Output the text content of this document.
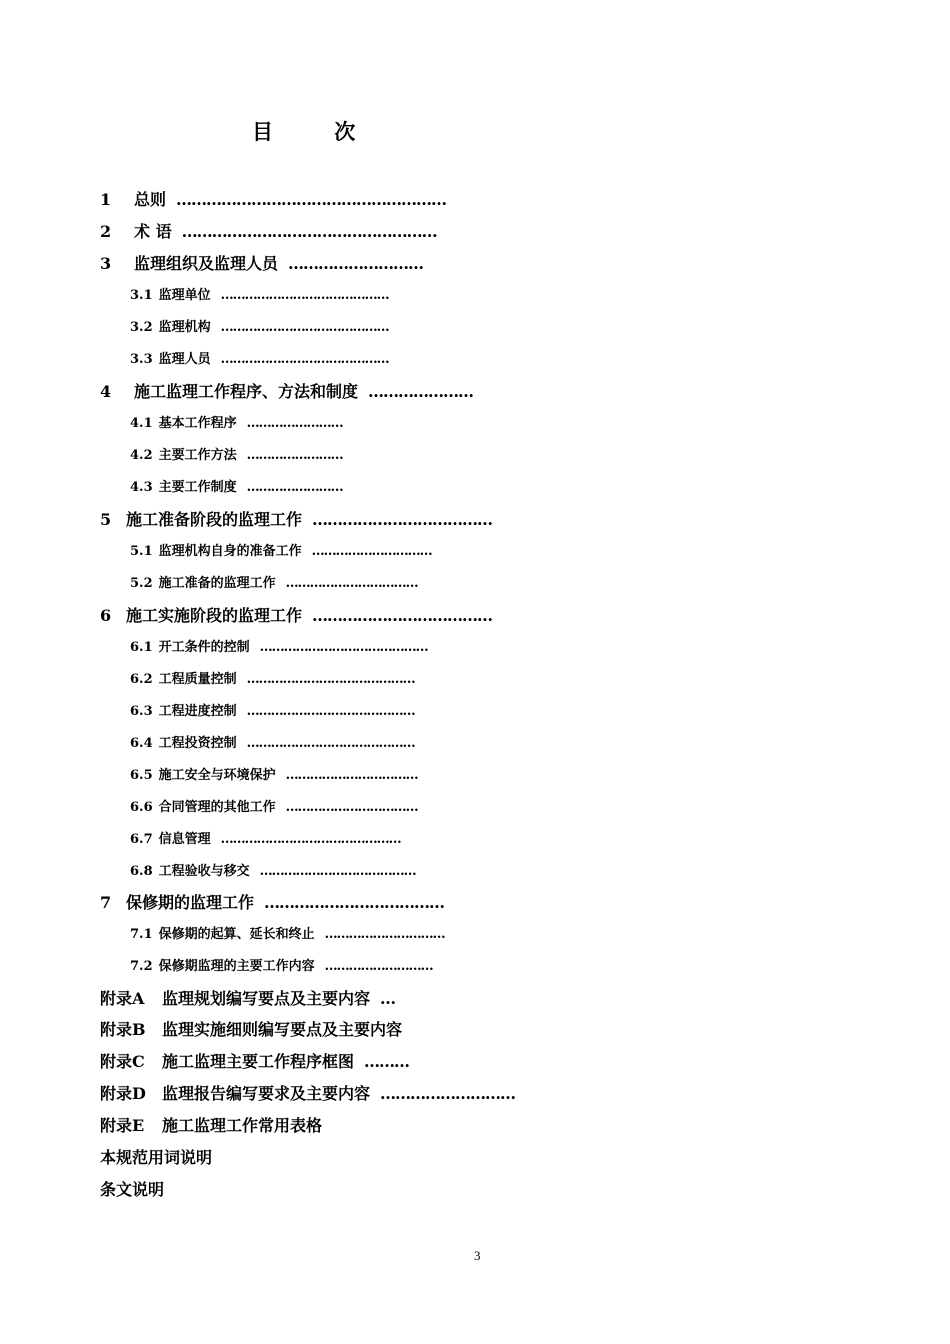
目 次
1 总则 ………………………………………………
2 术 语 ……………………………………………
3 监理组织及监理人员 ………………………
3.1 监理单位 ……………………………………
3.2 监理机构 ……………………………………
3.3 监理人员 ……………………………………
4 施工监理工作程序、方法和制度 …………………
4.1 基本工作程序 ……………………
4.2 主要工作方法 ……………………
4.3 主要工作制度 ……………………
5 施工准备阶段的监理工作 ………………………………
5.1 监理机构自身的准备工作 …………………………
5.2 施工准备的监理工作 ……………………………
6 施工实施阶段的监理工作 ………………………………
6.1 开工条件的控制 ……………………………………
6.2 工程质量控制 ……………………………………
6.3 工程进度控制 ……………………………………
6.4 工程投资控制 ……………………………………
6.5 施工安全与环境保护 ……………………………
6.6 合同管理的其他工作 ……………………………
6.7 信息管理 ………………………………………
6.8 工程验收与移交 …………………………………
7 保修期的监理工作 ………………………………
7.1 保修期的起算、延长和终止 …………………………
7.2 保修期监理的主要工作内容 ………………………
附录A 监理规划编写要点及主要内容 …
附录B 监理实施细则编写要点及主要内容
附录C 施工监理主要工作程序框图 ………
附录D 监理报告编写要求及主要内容 ………………………
附录E 施工监理工作常用表格
本规范用词说明
条文说明
3
